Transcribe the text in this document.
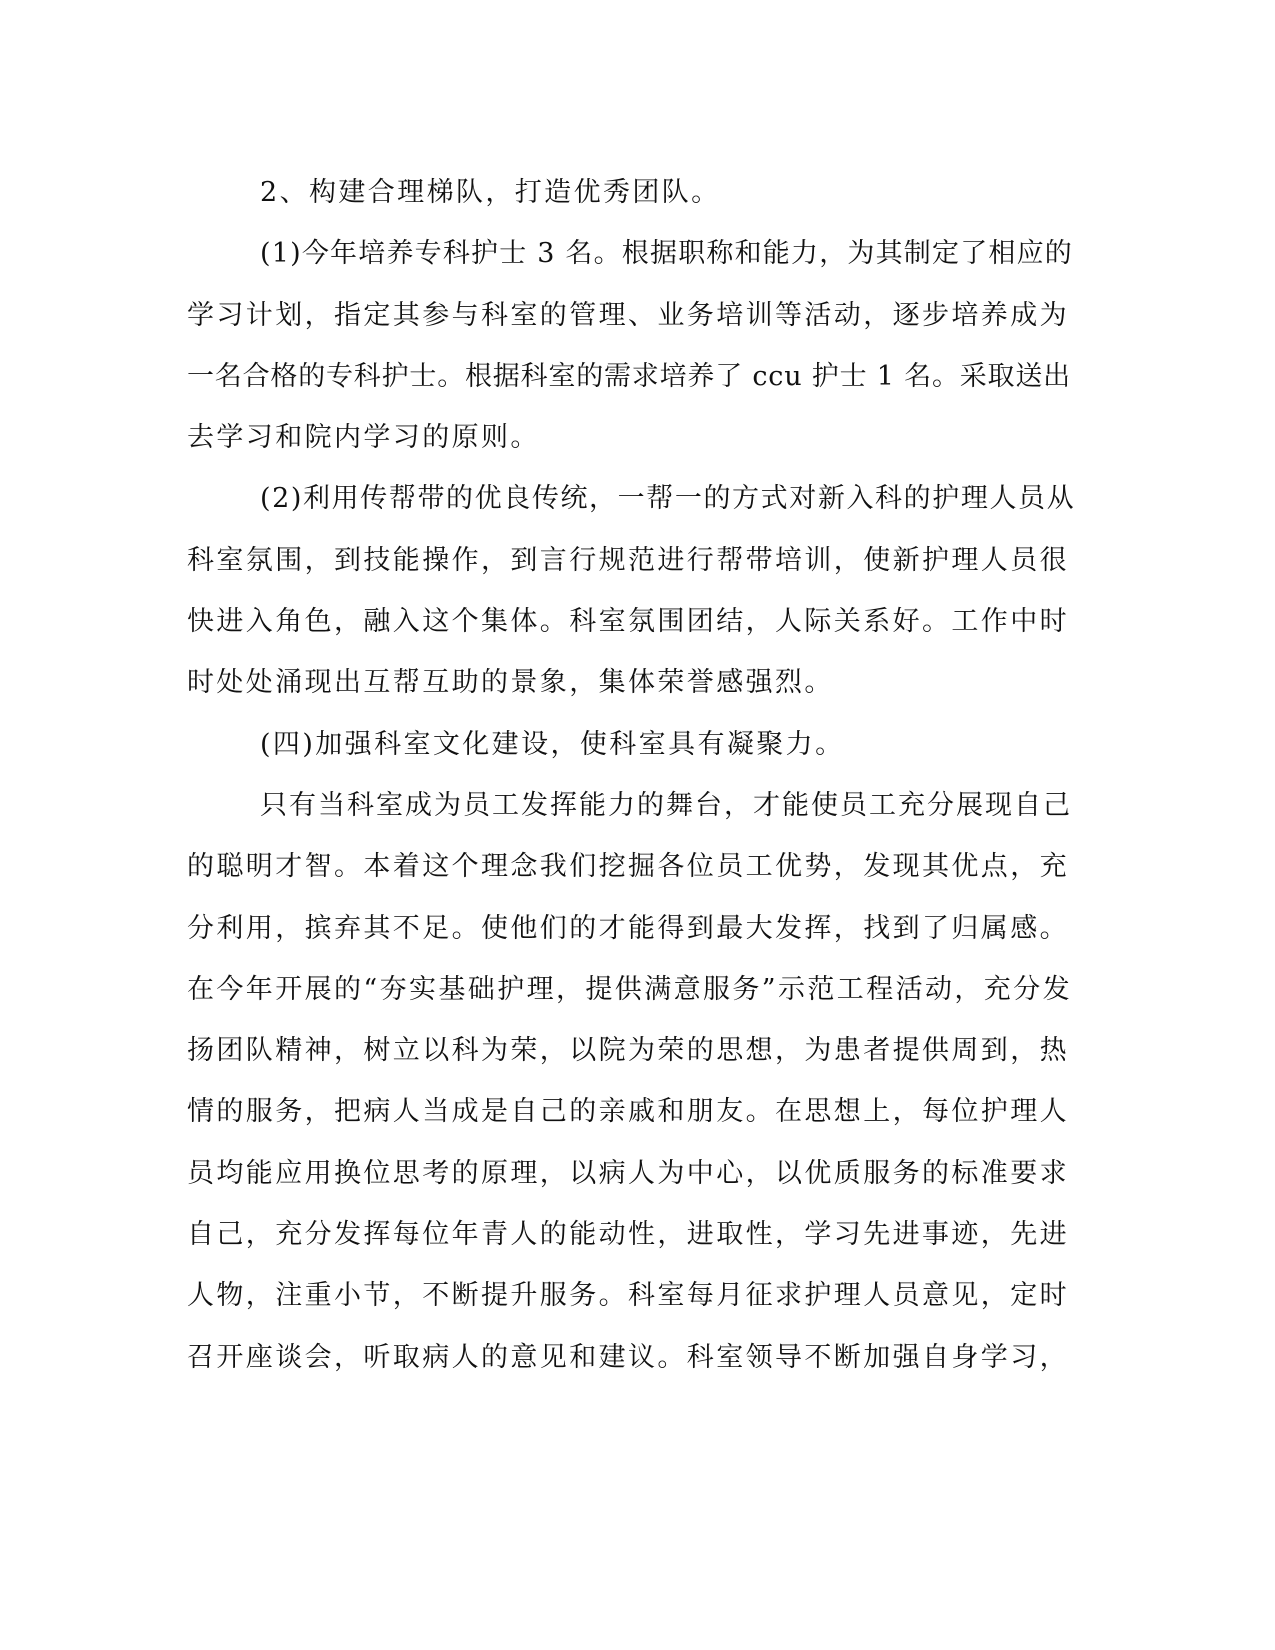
2、构建合理梯队，打造优秀团队。
(1)今年培养专科护士 3 名。根据职称和能力，为其制定了相应的
学习计划，指定其参与科室的管理、业务培训等活动，逐步培养成为
一名合格的专科护士。根据科室的需求培养了 ccu 护士 1 名。采取送出
去学习和院内学习的原则。
(2)利用传帮带的优良传统，一帮一的方式对新入科的护理人员从
科室氛围，到技能操作，到言行规范进行帮带培训，使新护理人员很
快进入角色，融入这个集体。科室氛围团结，人际关系好。工作中时
时处处涌现出互帮互助的景象，集体荣誉感强烈。
(四)加强科室文化建设，使科室具有凝聚力。
只有当科室成为员工发挥能力的舞台，才能使员工充分展现自己
的聪明才智。本着这个理念我们挖掘各位员工优势，发现其优点，充
分利用，摈弃其不足。使他们的才能得到最大发挥，找到了归属感。
在今年开展的“夯实基础护理，提供满意服务”示范工程活动，充分发
扬团队精神，树立以科为荣，以院为荣的思想，为患者提供周到，热
情的服务，把病人当成是自己的亲戚和朋友。在思想上，每位护理人
员均能应用换位思考的原理，以病人为中心，以优质服务的标准要求
自己，充分发挥每位年青人的能动性，进取性，学习先进事迹，先进
人物，注重小节，不断提升服务。科室每月征求护理人员意见，定时
召开座谈会，听取病人的意见和建议。科室领导不断加强自身学习，
